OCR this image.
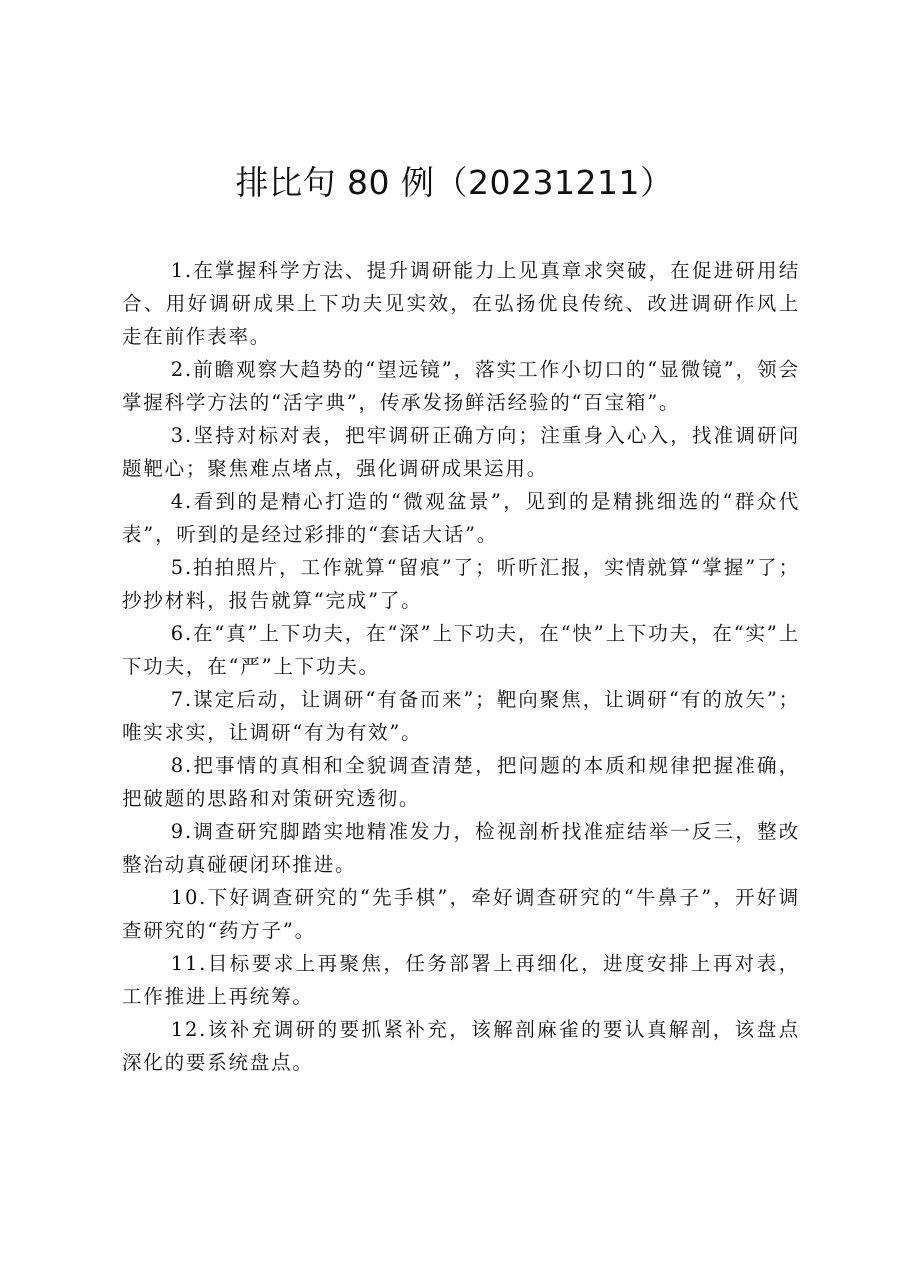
排比句 80 例（20231211）

1.在掌握科学方法、提升调研能力上见真章求突破，在促进研用结合、用好调研成果上下功夫见实效，在弘扬优良传统、改进调研作风上走在前作表率。

2.前瞻观察大趋势的“望远镜”，落实工作小切口的“显微镜”，领会掌握科学方法的“活字典”，传承发扬鲜活经验的“百宝箱”。

3.坚持对标对表，把牢调研正确方向；注重身入心入，找准调研问题靶心；聚焦难点堵点，强化调研成果运用。

4.看到的是精心打造的“微观盆景”，见到的是精挑细选的“群众代表”，听到的是经过彩排的“套话大话”。

5.拍拍照片，工作就算“留痕”了；听听汇报，实情就算“掌握”了；抄抄材料，报告就算“完成”了。

6.在“真”上下功夫，在“深”上下功夫，在“快”上下功夫，在“实”上下功夫，在“严”上下功夫。

7.谋定后动，让调研“有备而来”；靶向聚焦，让调研“有的放矢”；唯实求实，让调研“有为有效”。

8.把事情的真相和全貌调查清楚，把问题的本质和规律把握准确，把破题的思路和对策研究透彻。

9.调查研究脚踏实地精准发力，检视剖析找准症结举一反三，整改整治动真碰硬闭环推进。

10.下好调查研究的“先手棋”，牵好调查研究的“牛鼻子”，开好调查研究的“药方子”。

11.目标要求上再聚焦，任务部署上再细化，进度安排上再对表，工作推进上再统筹。

12.该补充调研的要抓紧补充，该解剖麻雀的要认真解剖，该盘点深化的要系统盘点。
